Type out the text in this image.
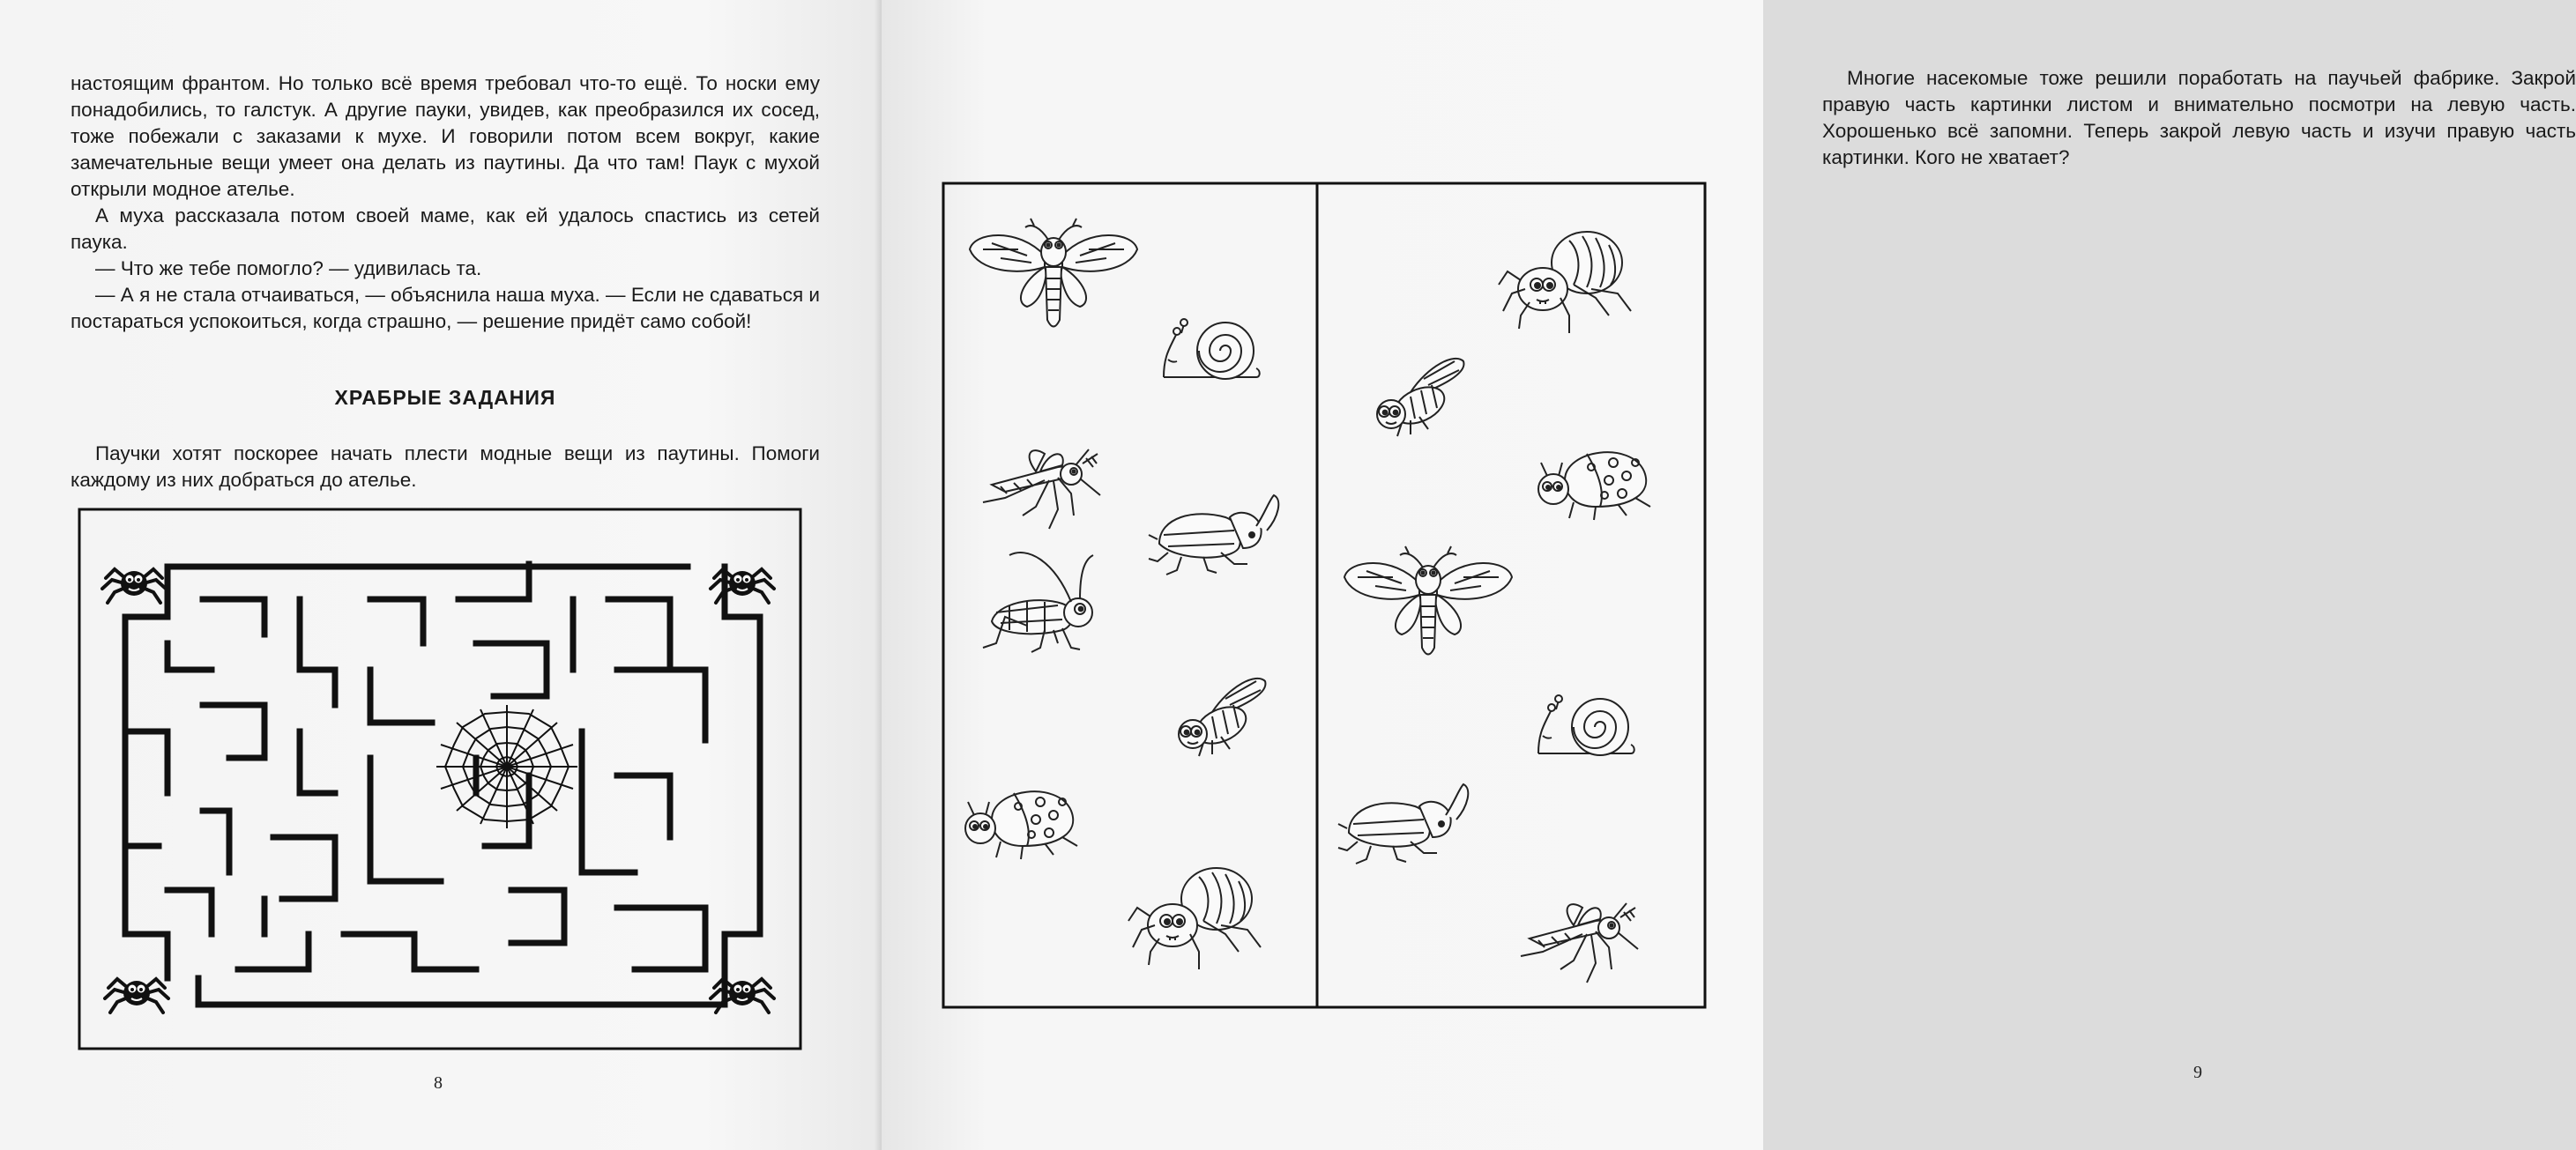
настоящим франтом. Но только всё время требовал что-то ещё. То носки ему понадобились, то галстук. А другие пауки, увидев, как преобразился их сосед, тоже побежали с заказами к мухе. И говорили потом всем вокруг, какие замечательные вещи умеет она делать из паутины. Да что там! Паук с мухой открыли модное ателье.

А муха рассказала потом своей маме, как ей удалось спастись из сетей паука.

— Что же тебе помогло? — удивилась та.

— А я не стала отчаиваться, — объяснила наша муха. — Если не сдаваться и постараться успокоиться, когда страшно, — решение придёт само собой!

ХРАБРЫЕ ЗАДАНИЯ

Паучки хотят поскорее начать плести модные вещи из паутины. Помоги каждому из них добраться до ателье.

8

Многие насекомые тоже решили поработать на паучьей фабрике. Закрой правую часть картинки листом и внимательно посмотри на левую часть. Хорошенько всё запомни. Теперь закрой левую часть и изучи правую часть картинки. Кого не хватает?

9
